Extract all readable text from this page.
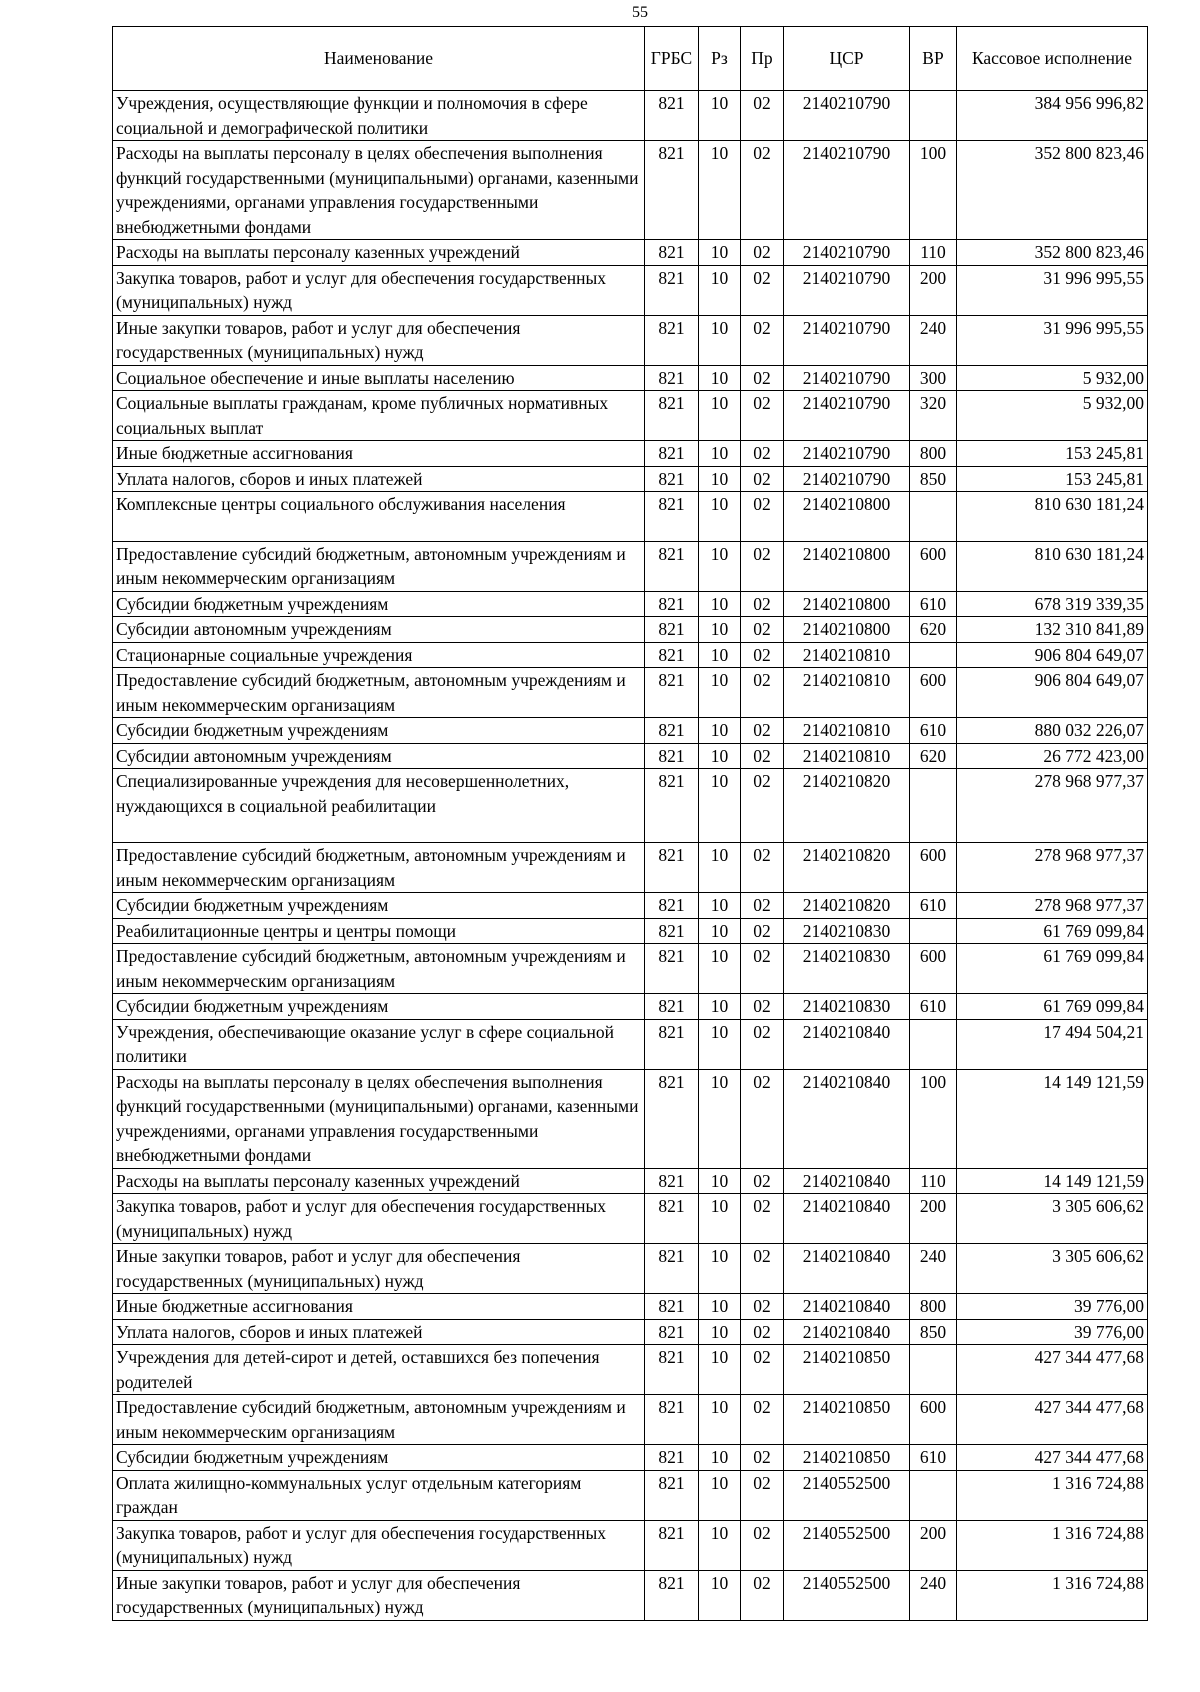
55
Наименование	ГРБС	Рз	Пр	ЦСР	ВР	Кассовое исполнение
Учреждения, осуществляющие функции и полномочия в сфере социальной и демографической политики	821	10	02	2140210790		384 956 996,82
Расходы на выплаты персоналу в целях обеспечения выполнения функций государственными (муниципальными) органами, казенными учреждениями, органами управления государственными внебюджетными фондами	821	10	02	2140210790	100	352 800 823,46
Расходы на выплаты персоналу казенных учреждений	821	10	02	2140210790	110	352 800 823,46
Закупка товаров, работ и услуг для обеспечения государственных (муниципальных) нужд	821	10	02	2140210790	200	31 996 995,55
Иные закупки товаров, работ и услуг для обеспечения государственных (муниципальных) нужд	821	10	02	2140210790	240	31 996 995,55
Социальное обеспечение и иные выплаты населению	821	10	02	2140210790	300	5 932,00
Социальные выплаты гражданам, кроме публичных нормативных социальных выплат	821	10	02	2140210790	320	5 932,00
Иные бюджетные ассигнования	821	10	02	2140210790	800	153 245,81
Уплата налогов, сборов и иных платежей	821	10	02	2140210790	850	153 245,81
Комплексные центры социального обслуживания населения	821	10	02	2140210800		810 630 181,24
Предоставление субсидий бюджетным, автономным учреждениям и иным некоммерческим организациям	821	10	02	2140210800	600	810 630 181,24
Субсидии бюджетным учреждениям	821	10	02	2140210800	610	678 319 339,35
Субсидии автономным учреждениям	821	10	02	2140210800	620	132 310 841,89
Стационарные социальные учреждения	821	10	02	2140210810		906 804 649,07
Предоставление субсидий бюджетным, автономным учреждениям и иным некоммерческим организациям	821	10	02	2140210810	600	906 804 649,07
Субсидии бюджетным учреждениям	821	10	02	2140210810	610	880 032 226,07
Субсидии автономным учреждениям	821	10	02	2140210810	620	26 772 423,00
Специализированные учреждения для несовершеннолетних, нуждающихся в социальной реабилитации	821	10	02	2140210820		278 968 977,37
Предоставление субсидий бюджетным, автономным учреждениям и иным некоммерческим организациям	821	10	02	2140210820	600	278 968 977,37
Субсидии бюджетным учреждениям	821	10	02	2140210820	610	278 968 977,37
Реабилитационные центры и центры помощи	821	10	02	2140210830		61 769 099,84
Предоставление субсидий бюджетным, автономным учреждениям и иным некоммерческим организациям	821	10	02	2140210830	600	61 769 099,84
Субсидии бюджетным учреждениям	821	10	02	2140210830	610	61 769 099,84
Учреждения, обеспечивающие оказание услуг в сфере социальной политики	821	10	02	2140210840		17 494 504,21
Расходы на выплаты персоналу в целях обеспечения выполнения функций государственными (муниципальными) органами, казенными учреждениями, органами управления государственными внебюджетными фондами	821	10	02	2140210840	100	14 149 121,59
Расходы на выплаты персоналу казенных учреждений	821	10	02	2140210840	110	14 149 121,59
Закупка товаров, работ и услуг для обеспечения государственных (муниципальных) нужд	821	10	02	2140210840	200	3 305 606,62
Иные закупки товаров, работ и услуг для обеспечения государственных (муниципальных) нужд	821	10	02	2140210840	240	3 305 606,62
Иные бюджетные ассигнования	821	10	02	2140210840	800	39 776,00
Уплата налогов, сборов и иных платежей	821	10	02	2140210840	850	39 776,00
Учреждения для детей-сирот и детей, оставшихся без попечения родителей	821	10	02	2140210850		427 344 477,68
Предоставление субсидий бюджетным, автономным учреждениям и иным некоммерческим организациям	821	10	02	2140210850	600	427 344 477,68
Субсидии бюджетным учреждениям	821	10	02	2140210850	610	427 344 477,68
Оплата жилищно-коммунальных услуг отдельным категориям граждан	821	10	02	2140552500		1 316 724,88
Закупка товаров, работ и услуг для обеспечения государственных (муниципальных) нужд	821	10	02	2140552500	200	1 316 724,88
Иные закупки товаров, работ и услуг для обеспечения государственных (муниципальных) нужд	821	10	02	2140552500	240	1 316 724,88
